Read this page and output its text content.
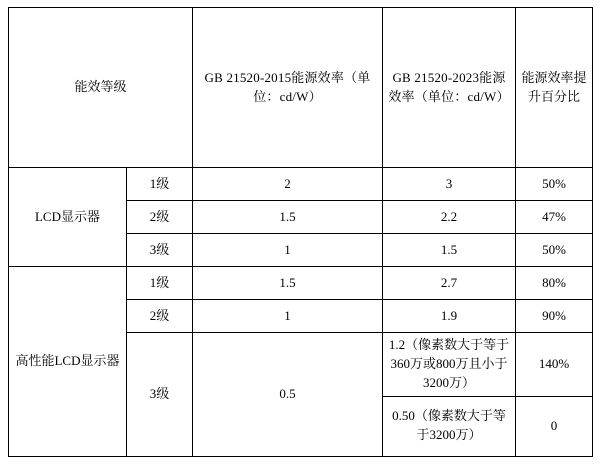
能效等级		GB 21520-2015能源效率（单位：cd/W）	GB 21520-2023能源效率（单位：cd/W）	能源效率提升百分比
LCD显示器	1级	2	3	50%
	2级	1.5	2.2	47%
	3级	1	1.5	50%
高性能LCD显示器	1级	1.5	2.7	80%
	2级	1	1.9	90%
	3级	0.5	1.2（像素数大于等于360万或800万且小于3200万）	140%
			0.50（像素数大于等于3200万）	0
